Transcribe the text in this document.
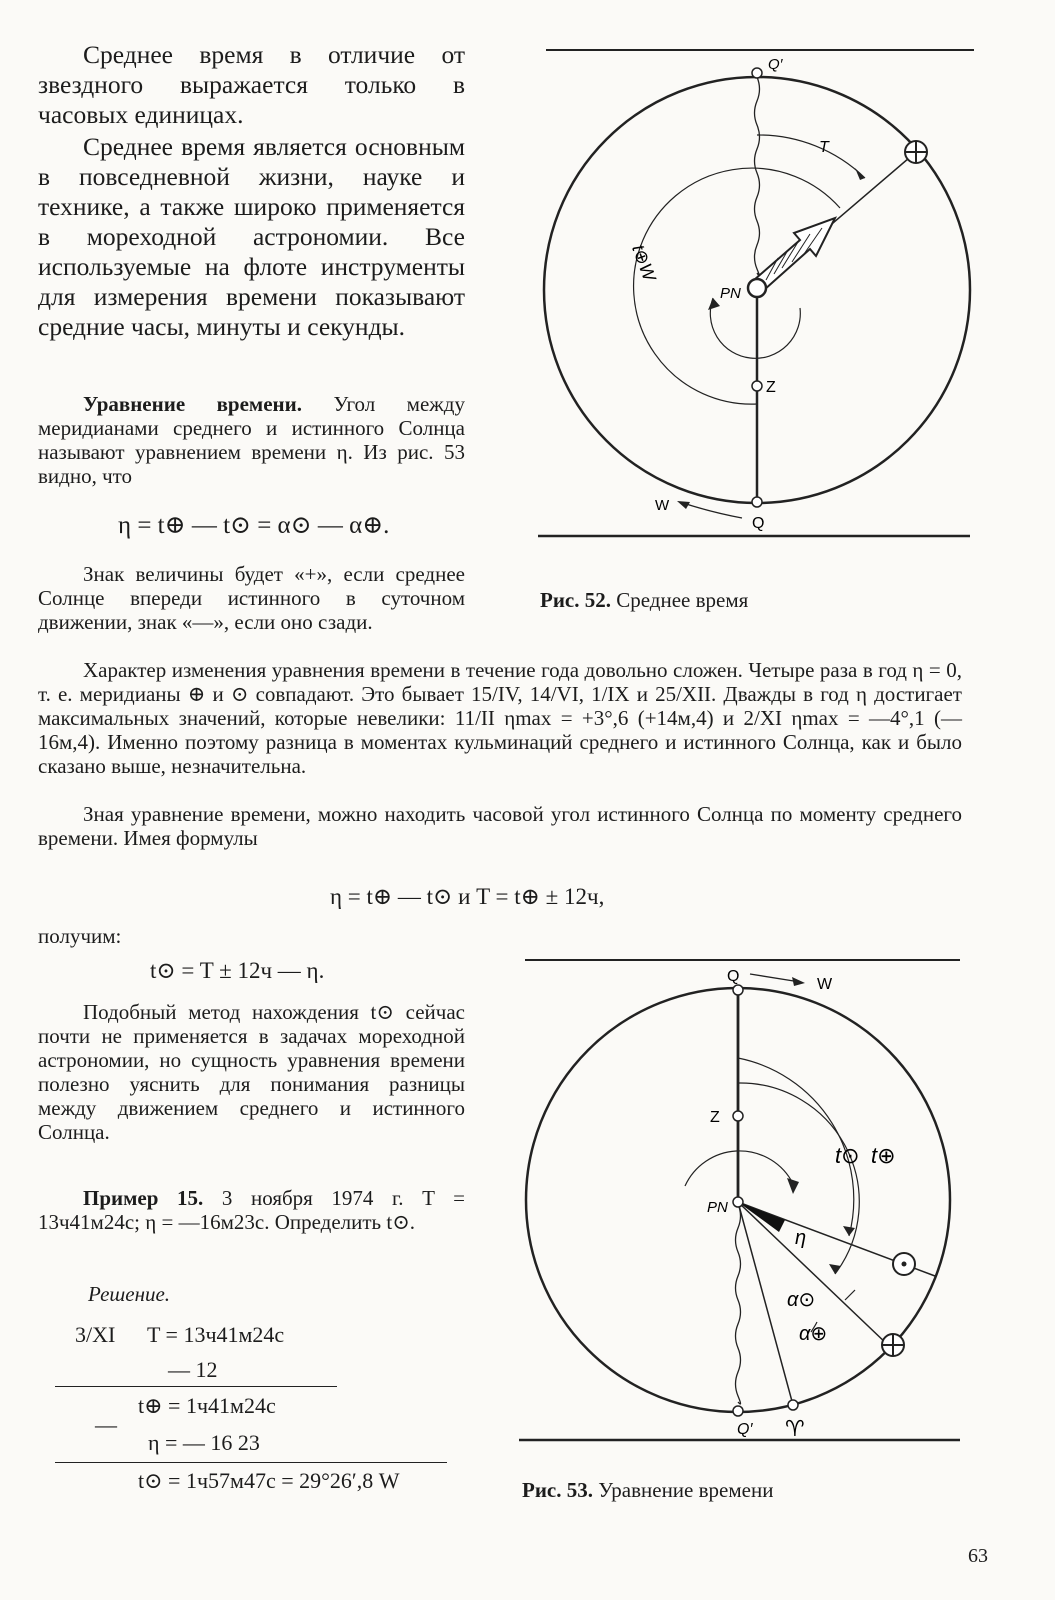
Среднее время в отличие от звездного выражается только в часовых единицах.

Среднее время является основным в повседневной жизни, науке и технике, а также широко применяется в мореходной астрономии. Все используемые на флоте инструменты для измерения времени показывают средние часы, минуты и секунды.

Уравнение времени. Угол между меридианами среднего и истинного Солнца называют уравнением времени η. Из рис. 53 видно, что

η = t⊕ — t⊙ = α⊙ — α⊕.

Знак величины будет «+», если среднее Солнце впереди истинного в суточном движении, знак «—», если оно сзади.

Характер изменения уравнения времени в течение года довольно сложен. Четыре раза в год η = 0, т. е. меридианы ⊕ и ⊙ совпадают. Это бывает 15/IV, 14/VI, 1/IX и 25/XII. Дважды в год η достигает максимальных значений, которые невелики: 11/II ηmax = +3°,6 (+14м,4) и 2/XI ηmax = —4°,1 (—16м,4). Именно поэтому разница в моментах кульминаций среднего и истинного Солнца, как и было сказано выше, незначительна.

Зная уравнение времени, можно находить часовой угол истинного Солнца по моменту среднего времени. Имея формулы

η = t⊕ — t⊙ и T = t⊕ ± 12ч,
получим:
t⊙ = T ± 12ч — η.

Подобный метод нахождения t⊙ сейчас почти не применяется в задачах мореходной астрономии, но сущность уравнения времени полезно уяснить для понимания разницы между движением среднего и истинного Солнца.

Пример 15. 3 ноября 1974 г. T = 13ч41м24с; η = —16м23с. Определить t⊙.

Решение.
3/XI T = 13ч41м24с
— 12
t⊕ = 1ч41м24с
—
η = — 16 23
t⊙ = 1ч57м47с = 29°26′,8 W
Q′
T
t⊕W
PN
Z
W
Q
Рис. 52. Среднее время
Q	W
Z
PN
t⊙ t⊕
η
α⊙
α⊕
Q′ ♈
Рис. 53. Уравнение времени
63
